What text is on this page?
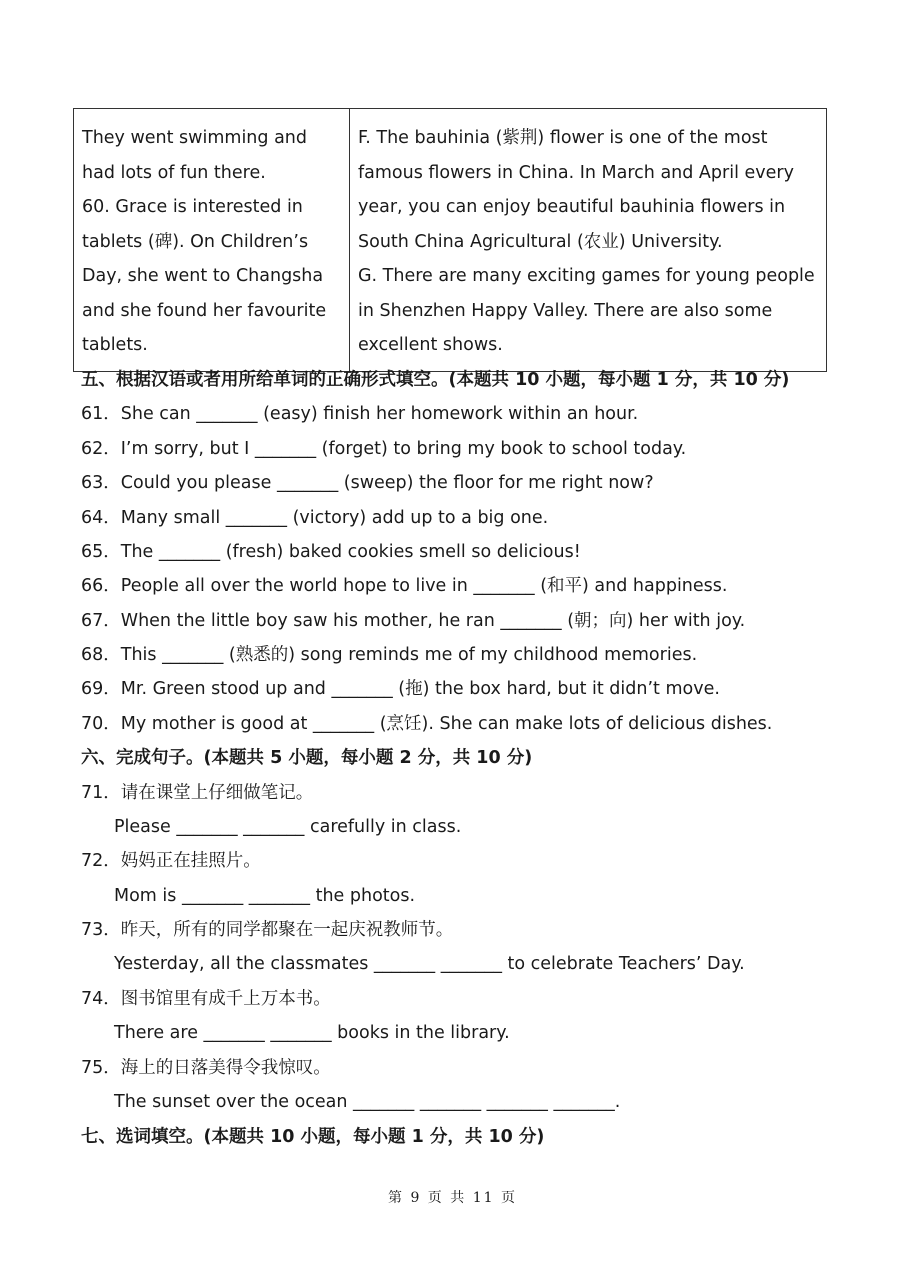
They went swimming and had lots of fun there.
60. Grace is interested in tablets (碑). On Children’s Day, she went to Changsha and she found her favourite tablets.

F. The bauhinia (紫荆) flower is one of the most famous flowers in China. In March and April every year, you can enjoy beautiful bauhinia flowers in South China Agricultural (农业) University.
G. There are many exciting games for young people in Shenzhen Happy Valley. There are also some excellent shows.
五、根据汉语或者用所给单词的正确形式填空。(本题共 10 小题，每小题 1 分，共 10 分)
61．She can _______ (easy) finish her homework within an hour.
62．I’m sorry, but I _______ (forget) to bring my book to school today.
63．Could you please _______ (sweep) the floor for me right now?
64．Many small _______ (victory) add up to a big one.
65．The _______ (fresh) baked cookies smell so delicious!
66．People all over the world hope to live in _______ (和平) and happiness.
67．When the little boy saw his mother, he ran _______ (朝；向) her with joy.
68．This _______ (熟悉的) song reminds me of my childhood memories.
69．Mr. Green stood up and _______ (拖) the box hard, but it didn’t move.
70．My mother is good at _______ (烹饪). She can make lots of delicious dishes.
六、完成句子。(本题共 5 小题，每小题 2 分，共 10 分)
71．请在课堂上仔细做笔记。
Please _______ _______ carefully in class.
72．妈妈正在挂照片。
Mom is _______ _______ the photos.
73．昨天，所有的同学都聚在一起庆祝教师节。
Yesterday, all the classmates _______ _______ to celebrate Teachers’ Day.
74．图书馆里有成千上万本书。
There are _______ _______ books in the library.
75．海上的日落美得令我惊叹。
The sunset over the ocean _______ _______ _______ _______.
七、选词填空。(本题共 10 小题，每小题 1 分，共 10 分)
第 9 页 共 11 页
